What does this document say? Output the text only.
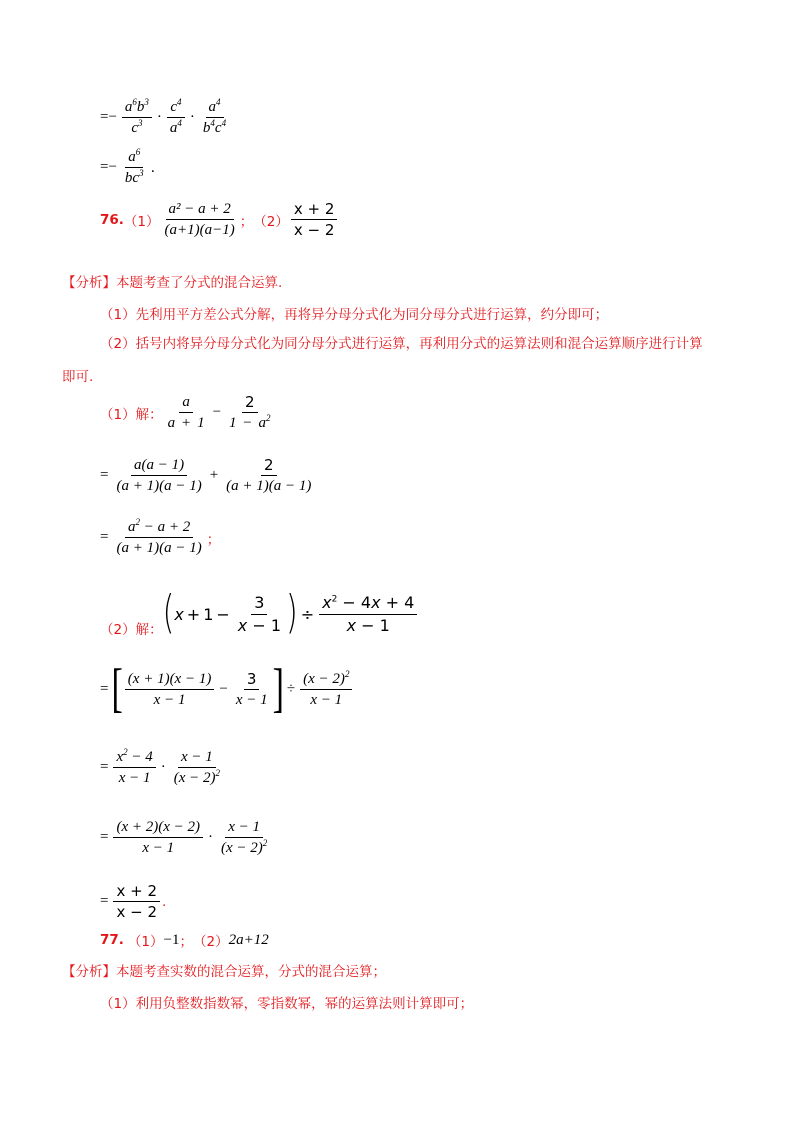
=− $\frac{a^6b^3}{c^3} \cdot \frac{c^4}{a^4} \cdot \frac{a^4}{b^4c^4}$
=− $\frac{a^6}{bc^3}$ .
76. $(1) \frac{\text{a² − a + 2}}{(a+1)(a-1)}$ ； $(2) \frac{x + 2}{x - 2}$
【分析】本题考查了分式的混合运算.
（1）先利用平方差公式分解，再将异分母分式化为同分母分式进行运算，约分即可；
（2）括号内将异分母分式化为同分母分式进行运算，再利用分式的运算法则和混合运算顺序进行计算即可.
（1）解： $\frac{a}{a + 1} - \frac{2}{1 - a^2}$
= $\frac{a(a - 1)}{(a + 1)(a - 1)} + \frac{2}{(a + 1)(a - 1)}$
= $\frac{a^2 - a + 2}{(a + 1)(a - 1)}$ ；
（2）解： ( $x + 1 - \frac{3}{x - 1}$ ) ÷ $\frac{x^2 - 4x + 4}{x - 1}$
= [ $\frac{(x + 1)(x - 1)}{x - 1} - \frac{3}{x - 1}$ ] ÷ $\frac{(x - 2)^2}{x - 1}$
= $\frac{x^2 - 4}{x - 1} \cdot \frac{x - 1}{(x - 2)^2}$
= $\frac{(x + 2)(x - 2)}{x - 1} \cdot \frac{x - 1}{(x - 2)^2}$
= $\frac{x + 2}{x - 2}$ .
77. （1） −1 ； （2） 2a+12
【分析】本题考查实数的混合运算，分式的混合运算；
（1）利用负整数指数幂，零指数幂，幂的运算法则计算即可；
